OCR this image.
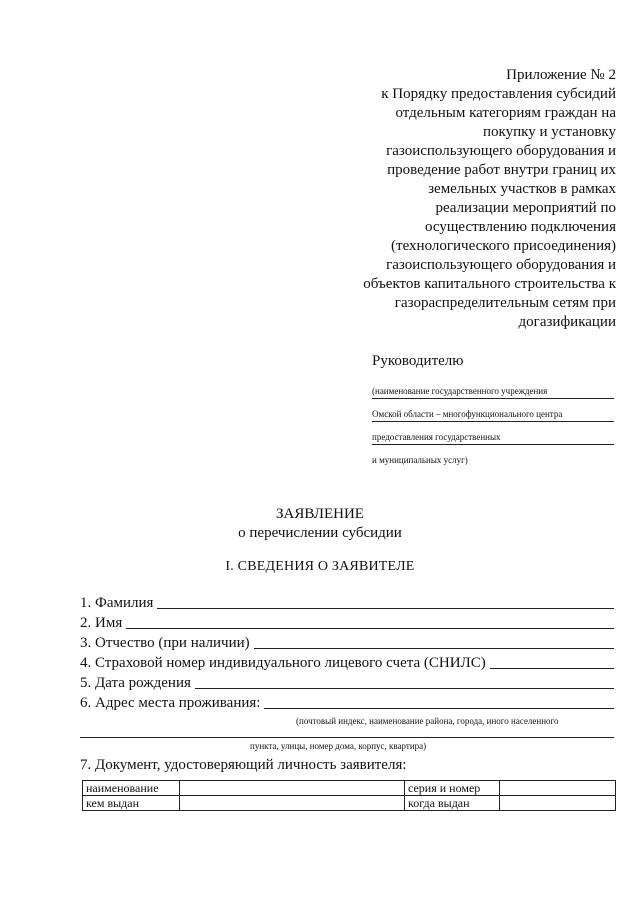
Приложение № 2
к Порядку предоставления субсидий
отдельным категориям граждан на
покупку и установку
газоиспользующего оборудования и
проведение работ внутри границ их
земельных участков в рамках
реализации мероприятий по
осуществлению подключения
(технологического присоединения)
газоиспользующего оборудования и
объектов капитального строительства к
газораспределительным сетям при
догазификации
Руководителю
(наименование государственного учреждения
Омской области – многофункционального центра
предоставления государственных
и муниципальных услуг)
ЗАЯВЛЕНИЕ
о перечислении субсидии
I. СВЕДЕНИЯ О ЗАЯВИТЕЛЕ
1. Фамилия
2. Имя
3. Отчество (при наличии)
4. Страховой номер индивидуального лицевого счета (СНИЛС)
5. Дата рождения
6. Адрес места проживания:
(почтовый индекс, наименование района, города, иного населенного
пункта, улицы, номер дома, корпус, квартира)
7. Документ, удостоверяющий личность заявителя:
наименование		серия и номер	
кем выдан		когда выдан	
